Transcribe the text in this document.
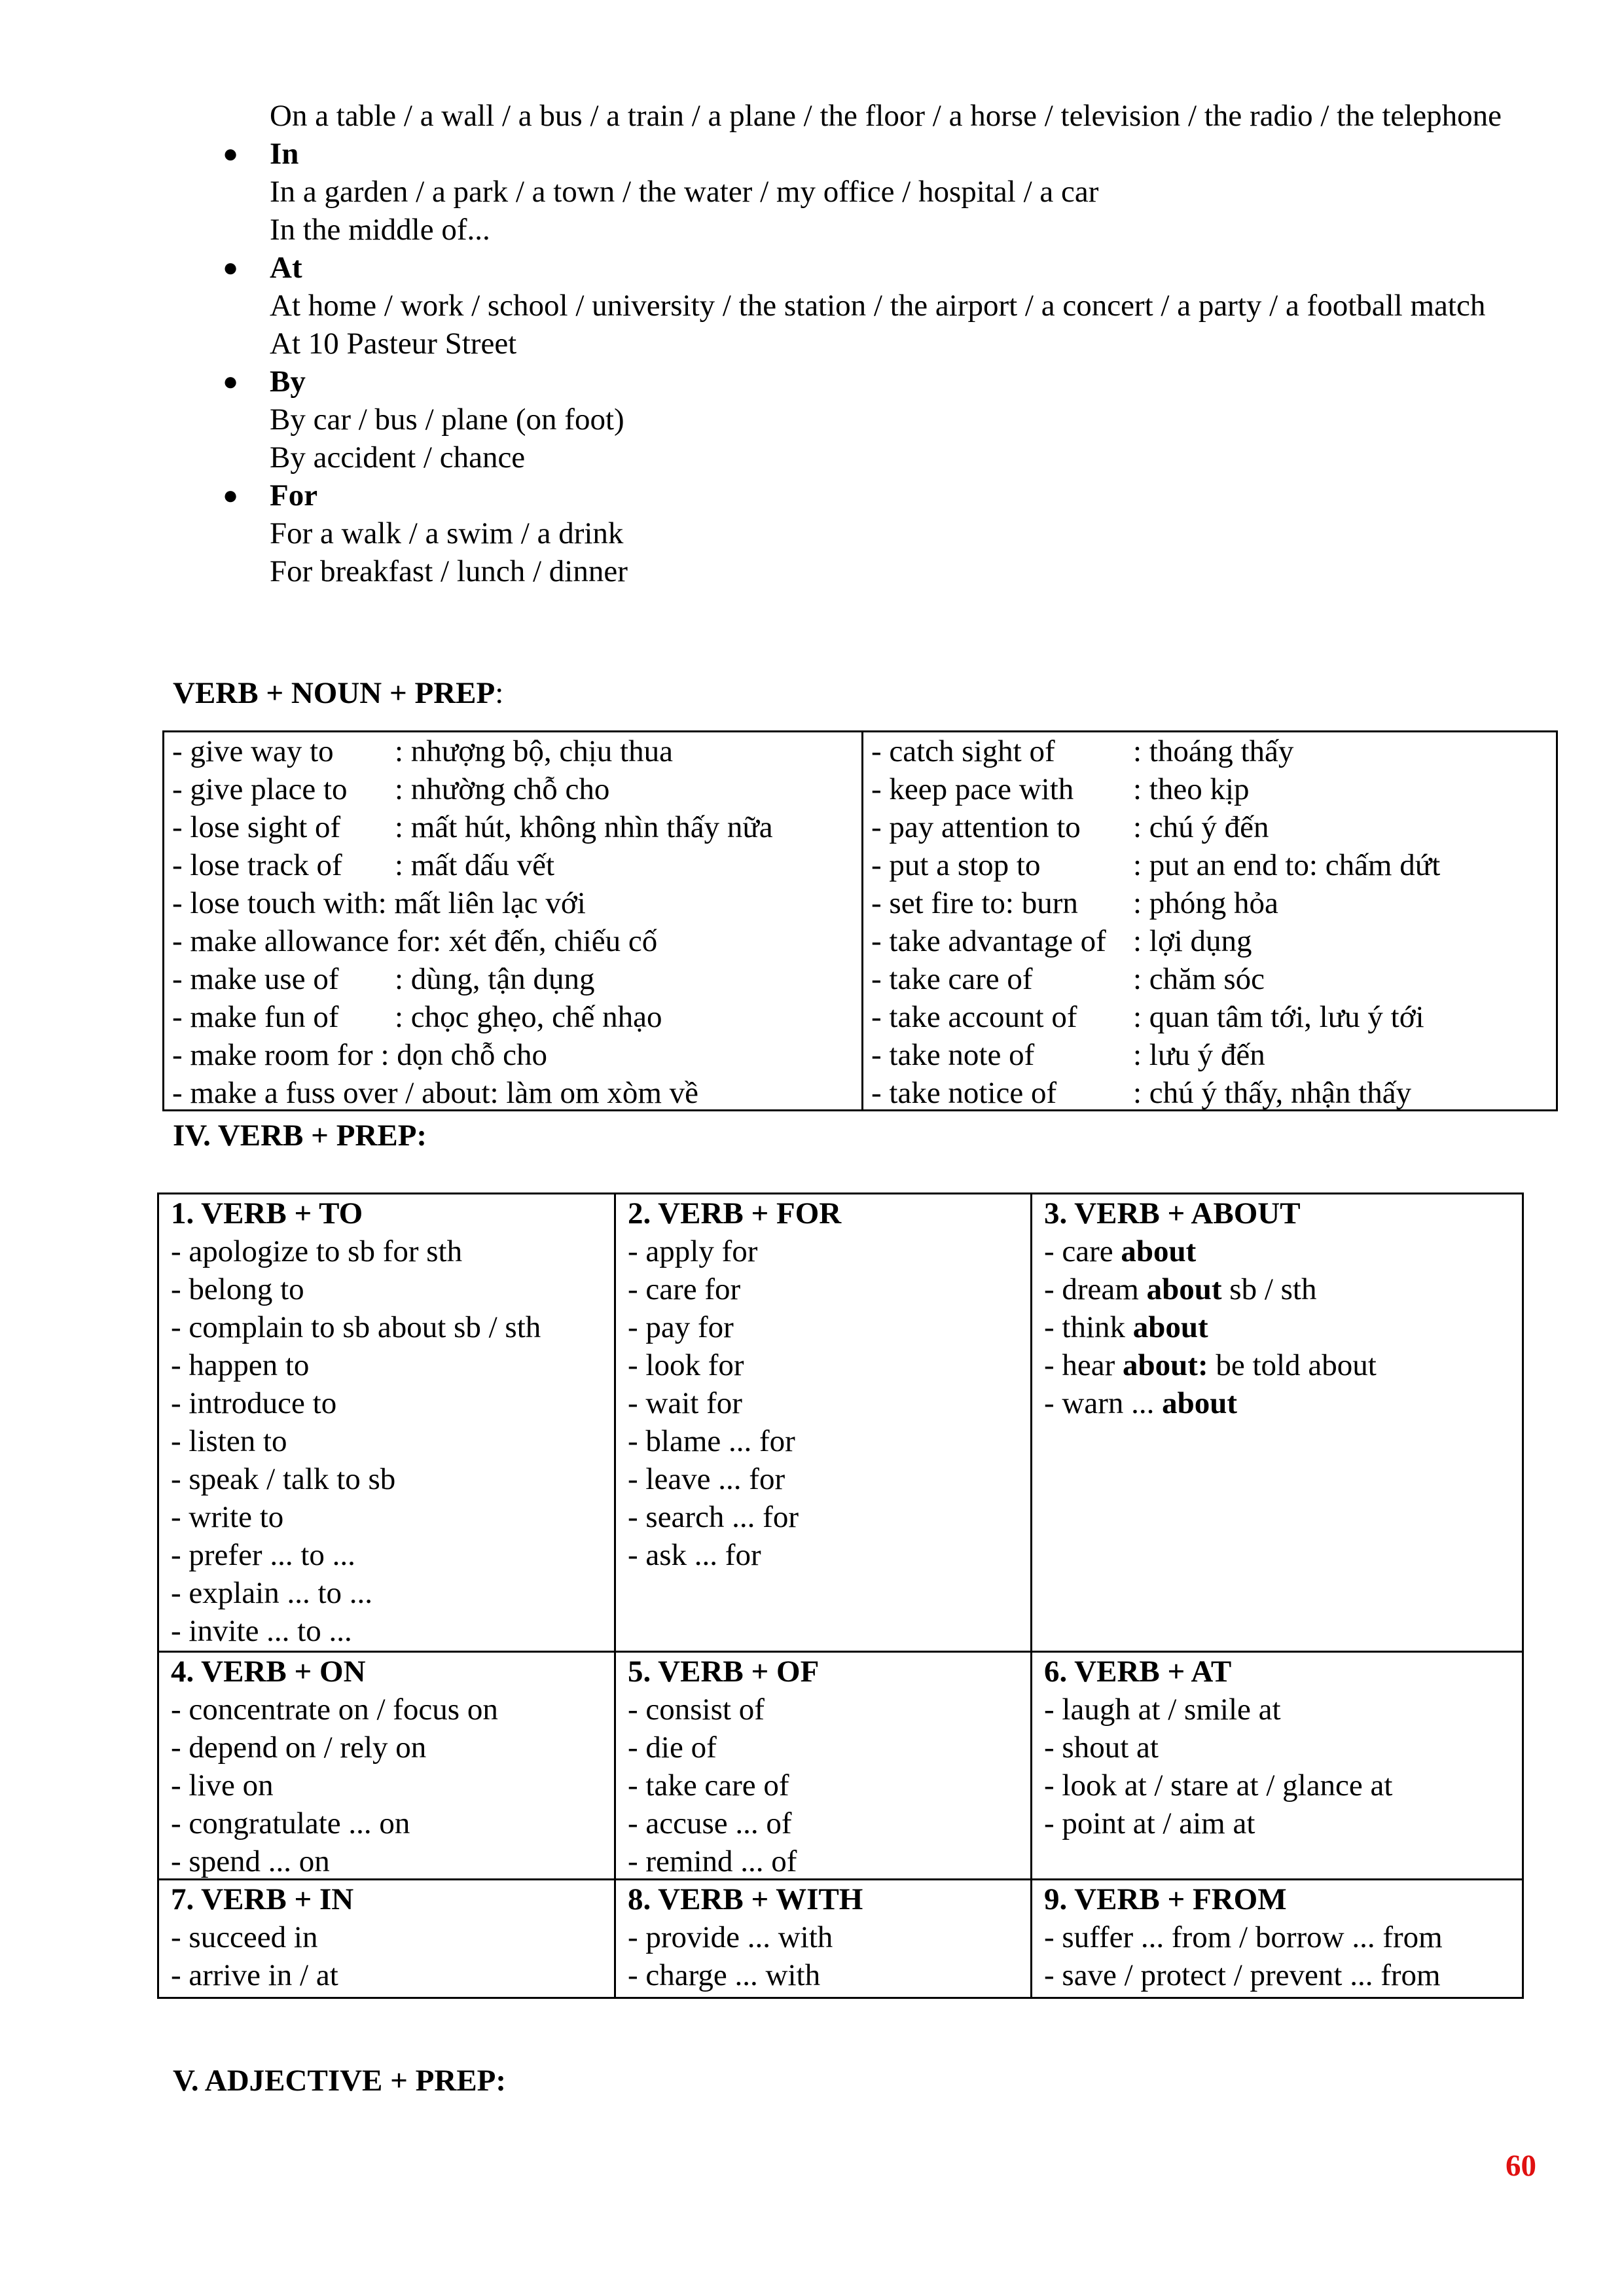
On a table / a wall / a bus / a train / a plane / the floor / a horse / television / the radio / the telephone
● In
In a garden / a park / a town / the water / my office / hospital / a car
In the middle of...
● At
At home / work / school / university / the station / the airport / a concert / a party / a football match
At 10 Pasteur Street
● By
By car / bus / plane (on foot)
By accident / chance
● For
For a walk / a swim / a drink
For breakfast / lunch / dinner
VERB + NOUN + PREP:
- give way to	: nhượng bộ, chịu thua
- give place to	: nhường chỗ cho
- lose sight of	: mất hút, không nhìn thấy nữa
- lose track of	: mất dấu vết
- lose touch with: mất liên lạc với
- make allowance for: xét đến, chiếu cố
- make use of	: dùng, tận dụng
- make fun of	: chọc ghẹo, chế nhạo
- make room for : dọn chỗ cho
- make a fuss over / about: làm om xòm về
- catch sight of	: thoáng thấy
- keep pace with	: theo kịp
- pay attention to	: chú ý đến
- put a stop to	: put an end to: chấm dứt
- set fire to: burn	: phóng hỏa
- take advantage of : lợi dụng
- take care of	: chăm sóc
- take account of	: quan tâm tới, lưu ý tới
- take note of	: lưu ý đến
- take notice of	: chú ý thấy, nhận thấy
IV. VERB + PREP:
1. VERB + TO
- apologize to sb for sth
- belong to
- complain to sb about sb / sth
- happen to
- introduce to
- listen to
- speak / talk to sb
- write to
- prefer ... to ...
- explain ... to ...
- invite ... to ...
2. VERB + FOR
- apply for
- care for
- pay for
- look for
- wait for
- blame ... for
- leave ... for
- search ... for
- ask ... for
3. VERB + ABOUT
- care about
- dream about sb / sth
- think about
- hear about: be told about
- warn ... about
4. VERB + ON
- concentrate on / focus on
- depend on / rely on
- live on
- congratulate ... on
- spend ... on
5. VERB + OF
- consist of
- die of
- take care of
- accuse ... of
- remind ... of
6. VERB + AT
- laugh at / smile at
- shout at
- look at / stare at / glance at
- point at / aim at
7. VERB + IN
- succeed in
- arrive in / at
8. VERB + WITH
- provide ... with
- charge ... with
9. VERB + FROM
- suffer ... from / borrow ... from
- save / protect / prevent ... from
V. ADJECTIVE + PREP:
60
